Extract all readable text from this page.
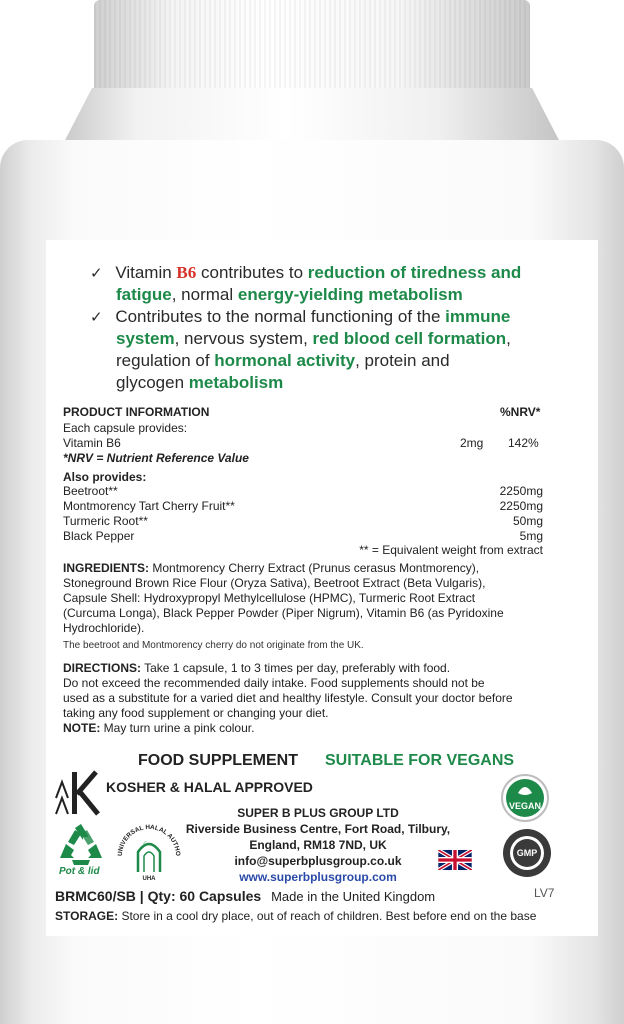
✓ Vitamin B6 contributes to reduction of tiredness and
fatigue, normal energy-yielding metabolism
✓ Contributes to the normal functioning of the immune
system, nervous system, red blood cell formation,
regulation of hormonal activity, protein and
glycogen metabolism
PRODUCT INFORMATION	%NRV*
Each capsule provides:
Vitamin B6	2mg 142%
*NRV = Nutrient Reference Value
Also provides:
Beetroot**	2250mg
Montmorency Tart Cherry Fruit**	2250mg
Turmeric Root**	50mg
Black Pepper	5mg
** = Equivalent weight from extract
INGREDIENTS: Montmorency Cherry Extract (Prunus cerasus Montmorency),
Stoneground Brown Rice Flour (Oryza Sativa), Beetroot Extract (Beta Vulgaris),
Capsule Shell: Hydroxypropyl Methylcellulose (HPMC), Turmeric Root Extract
(Curcuma Longa), Black Pepper Powder (Piper Nigrum), Vitamin B6 (as Pyridoxine
Hydrochloride).
The beetroot and Montmorency cherry do not originate from the UK.
DIRECTIONS: Take 1 capsule, 1 to 3 times per day, preferably with food.
Do not exceed the recommended daily intake. Food supplements should not be
used as a substitute for a varied diet and healthy lifestyle. Consult your doctor before
taking any food supplement or changing your diet.
NOTE: May turn urine a pink colour.
FOOD SUPPLEMENT SUITABLE FOR VEGANS
KOSHER & HALAL APPROVED
VEGAN
Pot & lid
UNIVERSAL HALAL AUTHO
☾
UHA
SUPER B PLUS GROUP LTD
Riverside Business Centre, Fort Road, Tilbury,
England, RM18 7ND, UK
info@superbplusgroup.co.uk
www.superbplusgroup.com
GMP
BRMC60/SB | Qty: 60 Capsules Made in the United Kingdom	LV7
STORAGE: Store in a cool dry place, out of reach of children. Best before end on the base
